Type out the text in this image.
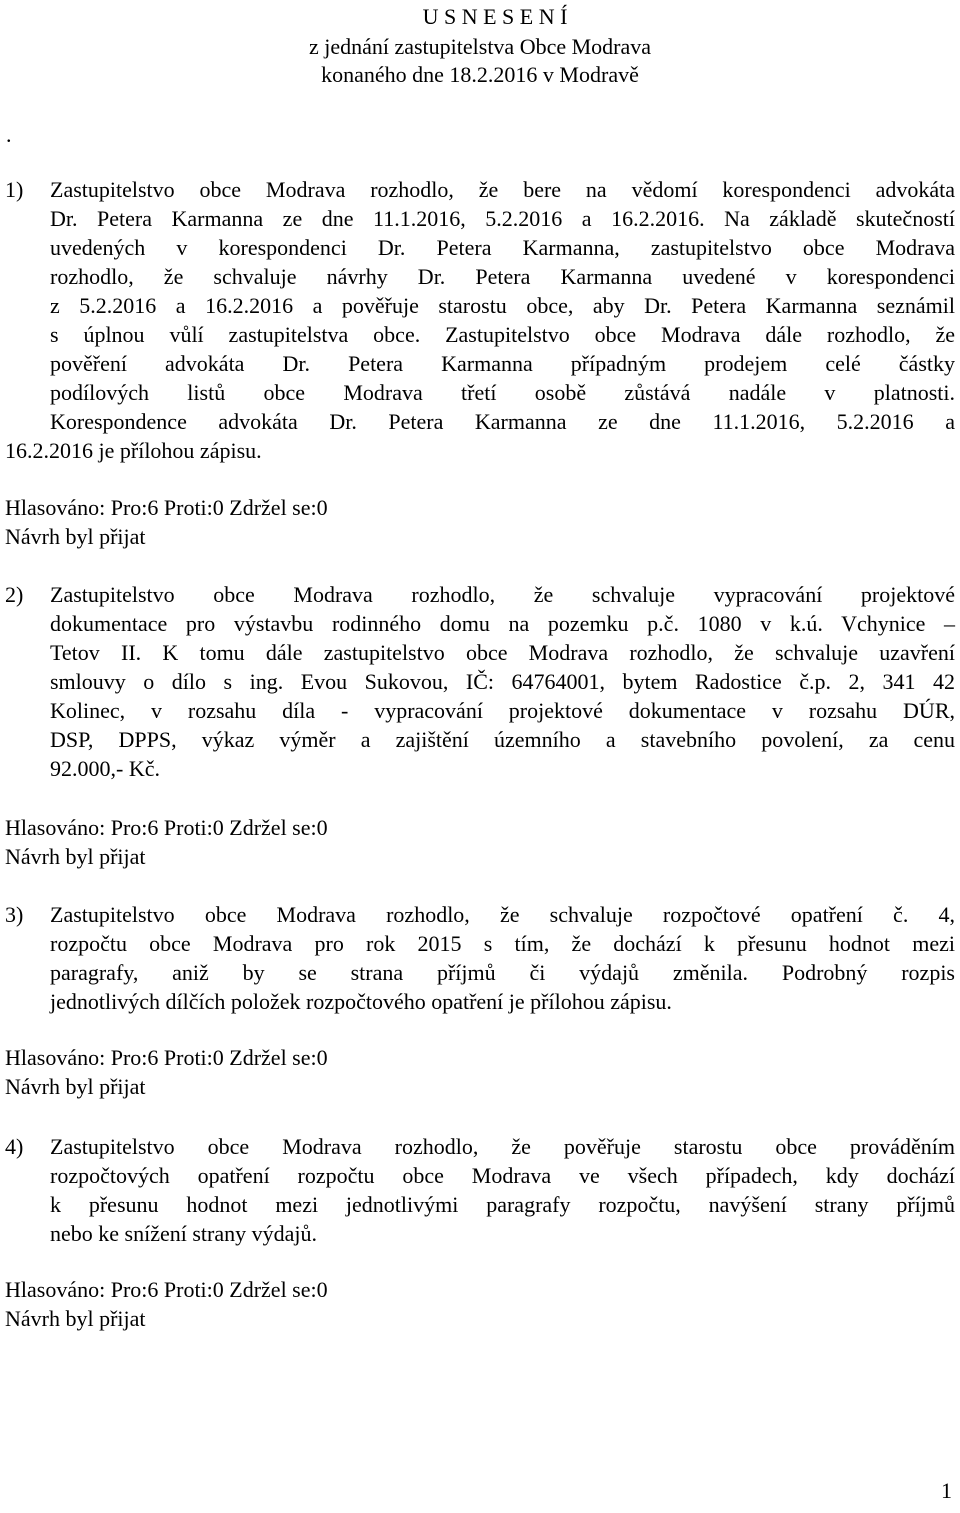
U S N E S E N Í
z jednání zastupitelstva Obce Modrava
konaného dne 18.2.2016 v Modravě
.
1) Zastupitelstvo obce Modrava rozhodlo, že bere na vědomí korespondenci advokáta
Dr. Petera Karmanna ze dne 11.1.2016, 5.2.2016 a 16.2.2016. Na základě skutečností
uvedených v korespondenci Dr. Petera Karmanna, zastupitelstvo obce Modrava
rozhodlo, že schvaluje návrhy Dr. Petera Karmanna uvedené v korespondenci
z 5.2.2016 a 16.2.2016 a pověřuje starostu obce, aby Dr. Petera Karmanna seznámil
s úplnou vůlí zastupitelstva obce. Zastupitelstvo obce Modrava dále rozhodlo, že
pověření advokáta Dr. Petera Karmanna případným prodejem celé částky
podílových listů obce Modrava třetí osobě zůstává nadále v platnosti.
Korespondence advokáta Dr. Petera Karmanna ze dne 11.1.2016, 5.2.2016 a
16.2.2016 je přílohou zápisu.
Hlasováno: Pro:6 Proti:0 Zdržel se:0
Návrh byl přijat
2) Zastupitelstvo obce Modrava rozhodlo, že schvaluje vypracování projektové
dokumentace pro výstavbu rodinného domu na pozemku p.č. 1080 v k.ú. Vchynice –
Tetov II. K tomu dále zastupitelstvo obce Modrava rozhodlo, že schvaluje uzavření
smlouvy o dílo s ing. Evou Sukovou, IČ: 64764001, bytem Radostice č.p. 2, 341 42
Kolinec, v rozsahu díla - vypracování projektové dokumentace v rozsahu DÚR,
DSP, DPPS, výkaz výměr a zajištění územního a stavebního povolení, za cenu
92.000,- Kč.
Hlasováno: Pro:6 Proti:0 Zdržel se:0
Návrh byl přijat
3) Zastupitelstvo obce Modrava rozhodlo, že schvaluje rozpočtové opatření č. 4,
rozpočtu obce Modrava pro rok 2015 s tím, že dochází k přesunu hodnot mezi
paragrafy, aniž by se strana příjmů či výdajů změnila. Podrobný rozpis
jednotlivých dílčích položek rozpočtového opatření je přílohou zápisu.
Hlasováno: Pro:6 Proti:0 Zdržel se:0
Návrh byl přijat
4) Zastupitelstvo obce Modrava rozhodlo, že pověřuje starostu obce prováděním
rozpočtových opatření rozpočtu obce Modrava ve všech případech, kdy dochází
k přesunu hodnot mezi jednotlivými paragrafy rozpočtu, navýšení strany příjmů
nebo ke snížení strany výdajů.
Hlasováno: Pro:6 Proti:0 Zdržel se:0
Návrh byl přijat
1
